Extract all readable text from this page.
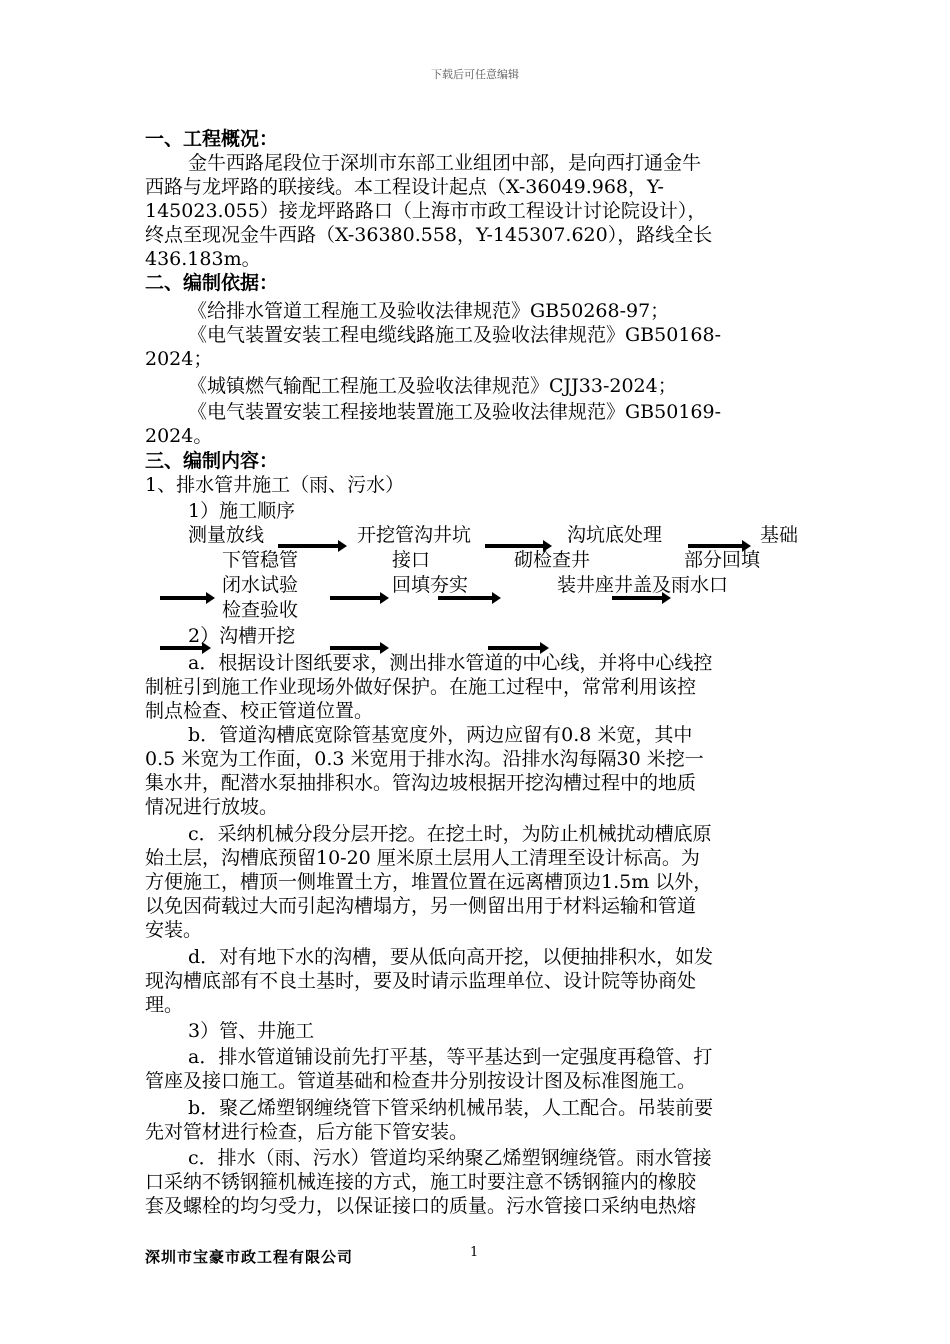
下载后可任意编辑
一、工程概况：
金牛西路尾段位于深圳市东部工业组团中部，是向西打通金牛
西路与龙坪路的联接线。本工程设计起点（X-36049.968，Y-
145023.055）接龙坪路路口（上海市市政工程设计讨论院设计），
终点至现况金牛西路（X-36380.558，Y-145307.620），路线全长
436.183m。
二、编制依据：
《给排水管道工程施工及验收法律规范》GB50268-97；
《电气装置安装工程电缆线路施工及验收法律规范》GB50168-
2024；
《城镇燃气输配工程施工及验收法律规范》CJJ33-2024；
《电气装置安装工程接地装置施工及验收法律规范》GB50169-
2024。
三、编制内容：
1、排水管井施工（雨、污水）
1）施工顺序
测量放线	开挖管沟井坑	沟坑底处理	基础
下管稳管	接口	砌检查井	部分回填
闭水试验	回填夯实	装井座井盖及雨水口
检查验收
2）沟槽开挖
a．根据设计图纸要求，测出排水管道的中心线，并将中心线控
制桩引到施工作业现场外做好保护。在施工过程中，常常利用该控
制点检查、校正管道位置。
b．管道沟槽底宽除管基宽度外，两边应留有0.8 米宽，其中
0.5 米宽为工作面，0.3 米宽用于排水沟。沿排水沟每隔30 米挖一
集水井，配潜水泵抽排积水。管沟边坡根据开挖沟槽过程中的地质
情况进行放坡。
c．采纳机械分段分层开挖。在挖土时，为防止机械扰动槽底原
始土层，沟槽底预留10-20 厘米原土层用人工清理至设计标高。为
方便施工，槽顶一侧堆置土方，堆置位置在远离槽顶边1.5m 以外，
以免因荷载过大而引起沟槽塌方，另一侧留出用于材料运输和管道
安装。
d．对有地下水的沟槽，要从低向高开挖，以便抽排积水，如发
现沟槽底部有不良土基时，要及时请示监理单位、设计院等协商处
理。
3）管、井施工
a．排水管道铺设前先打平基，等平基达到一定强度再稳管、打
管座及接口施工。管道基础和检查井分别按设计图及标准图施工。
b．聚乙烯塑钢缠绕管下管采纳机械吊装，人工配合。吊装前要
先对管材进行检查，后方能下管安装。
c．排水（雨、污水）管道均采纳聚乙烯塑钢缠绕管。雨水管接
口采纳不锈钢箍机械连接的方式，施工时要注意不锈钢箍内的橡胶
套及螺栓的均匀受力，以保证接口的质量。污水管接口采纳电热熔
深圳市宝豪市政工程有限公司	1
